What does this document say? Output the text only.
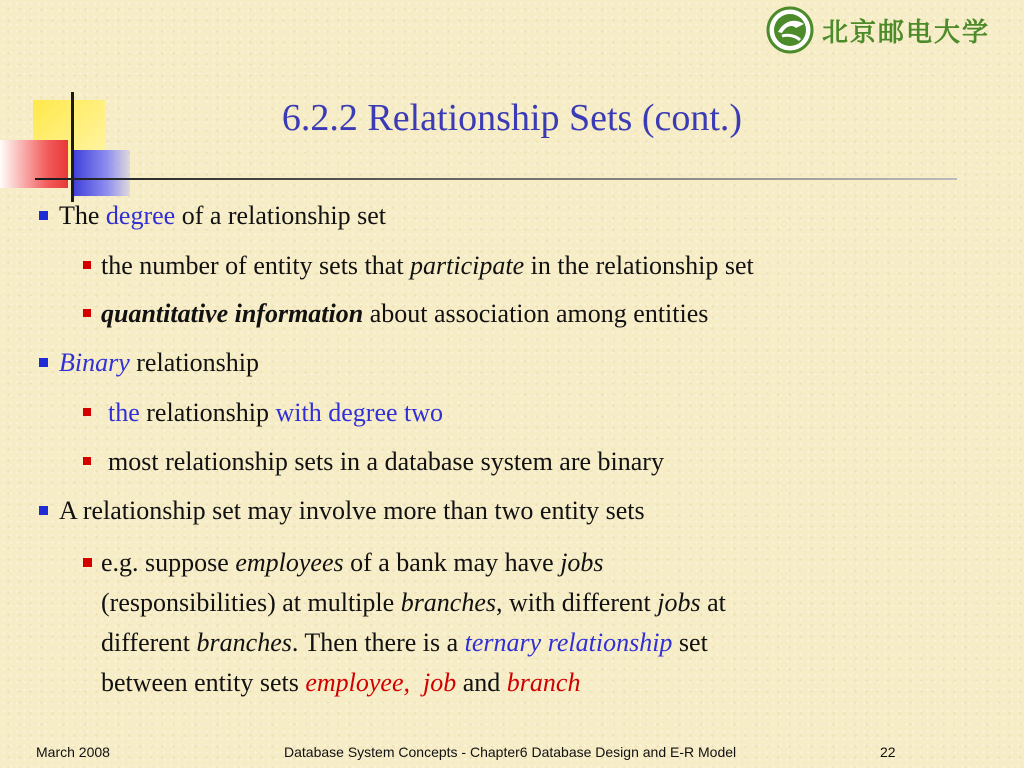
北京邮电大学
6.2.2 Relationship Sets (cont.)
The degree of a relationship set
the number of entity sets that participate in the relationship set
quantitative information about association among entities
Binary relationship
the relationship with degree two
most relationship sets in a database system are binary
A relationship set may involve more than two entity sets
e.g. suppose employees of a bank may have jobs
(responsibilities) at multiple branches, with different jobs at
different branches. Then there is a ternary relationship set
between entity sets employee, job and branch
March 2008	Database System Concepts - Chapter6 Database Design and E-R Model	22
